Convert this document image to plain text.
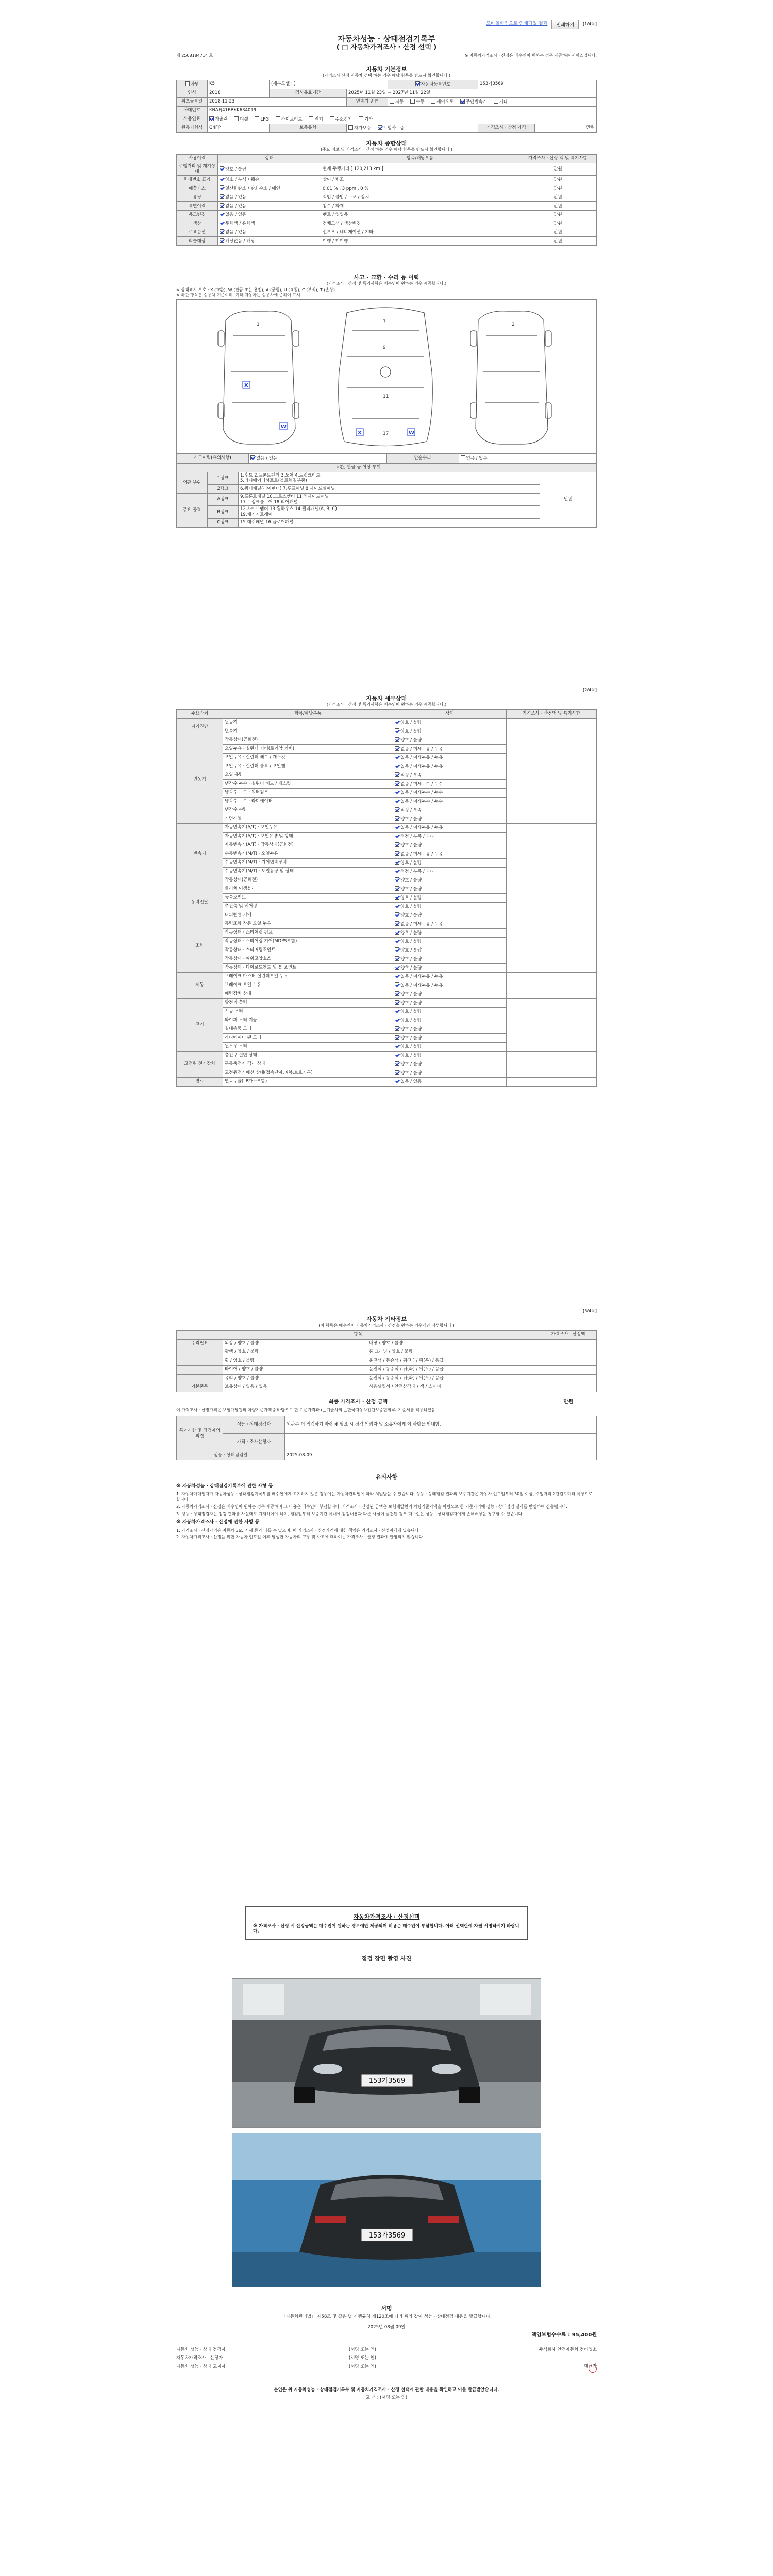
모바일화면으로 인쇄되었 결과	인쇄하기	[1/4쪽]
자동차성능 · 상태점검기록부
( □ 자동차가격조사 · 산정 선택 )
제 2508184714 호	※ 자동차가격조사 · 산정은 매수인이 원하는 경우 제공하는 서비스입니다.
자동차 기본정보
(가격조사·산정 자동차 선택 하는 경우 해당 항목을 반드시 확인합니다.)
차명	K5	(세부모델 : )		자동차등록번호	153가3569	
연식	2018	검사유효기간	2025년 11월 23일 ~ 2027년 11월 22일			
최초등록일	2018-11-23		변속기 종류	자동 수동 세미오토 무단변속기 기타		
차대번호	KNAFJ41BBKK634019					
사용연료	가솔린 디젤 LPG 하이브리드 전기 수소전기 기타					
원동기형식	G4FP	보증유형	자가보증 보험사보증		가격조사 · 산정 가격	만원
자동차 종합상태
(주요 정보 및 가격조사 · 산정 하는 경우 해당 항목을 반드시 확인합니다.)
사용이력	상태	항목/해당부품	가격조사 · 산정 액 및 특기사항
주행거리 및 계기상태	양호 / 불량	현재 주행거리 [ 120,213 km ]	만원
차대번호 표기	양호 / 부식 / 훼손	상이 / 변조	만원
배출가스	일산화탄소 / 탄화수소 / 매연	0.01 % , 3 ppm , 0 %	만원
튜닝	없음 / 있음	적법 / 불법 / 구조 / 장치	만원
특별이력	없음 / 있음	침수 / 화재	만원
용도변경	없음 / 있음	렌트 / 영업용	만원
색상	무채색 / 유채색	전체도색 / 색상변경	만원
주요옵션	없음 / 있음	선루프 / 네비게이션 / 기타	만원
리콜대상	해당없음 / 해당	이행 / 미이행	만원
사고 · 교환 · 수리 등 이력
(가격조사 · 산정 및 특기사항은 매수인이 원하는 경우 제공합니다.)
※ 상태표시 부호 : X (교환), W (판금 또는 용접), A (긁힘), U (요철), C (부식), T (손상)
※ 하단 항목은 승용차 기준이며, 기타 자동차는 승용차에 준하여 표시
1	7
9
11
17
2
X
W
X	W
사고이력(유의사항)	없음 / 있음	단순수리	없음 / 있음
교환, 판금 등 이상 부위			
외판 부위	1랭크	1.후드 2.프론트펜더 3.도어 4.트렁크리드
5.라디에이터서포트(볼트체결부품)	만원
	2랭크	6.쿼터패널(리어펜더) 7.루프패널 8.사이드실패널	
주요 골격	A랭크	9.프론트패널 10.크로스멤버 11.인사이드패널
17.트렁크플로어 18.리어패널	
	B랭크	12.사이드멤버 13.휠하우스 14.필러패널(A, B, C)
19.패키지트레이	
	C랭크	15.대쉬패널 16.플로어패널	
[2/4쪽]
자동차 세부상태
(가격조사 · 산정 및 특기사항은 매수인이 원하는 경우 제공합니다.)
주요장치	항목/해당부품	상태	가격조사 · 산정액 및 특기사항
자기진단	원동기	양호 / 불량	
	변속기	양호 / 불량	
원동기	작동상태(공회전)	양호 / 불량	
	오일누유 · 실린더 커버(로커암 커버)	없음 / 미세누유 / 누유	
	오일누유 · 실린더 헤드 / 개스킷	없음 / 미세누유 / 누유	
	오일누유 · 실린더 블록 / 오일팬	없음 / 미세누유 / 누유	
	오일 유량	적정 / 부족	
	냉각수 누수 · 실린더 헤드 / 개스킷	없음 / 미세누수 / 누수	
	냉각수 누수 · 워터펌프	없음 / 미세누수 / 누수	
	냉각수 누수 · 라디에이터	없음 / 미세누수 / 누수	
	냉각수 수량	적정 / 부족	
	커먼레일	양호 / 불량	
변속기	자동변속기(A/T) · 오일누유	없음 / 미세누유 / 누유	
	자동변속기(A/T) · 오일유량 및 상태	적정 / 부족 / 과다	
	자동변속기(A/T) · 작동상태(공회전)	양호 / 불량	
	수동변속기(M/T) · 오일누유	없음 / 미세누유 / 누유	
	수동변속기(M/T) · 기어변속장치	양호 / 불량	
	수동변속기(M/T) · 오일유량 및 상태	적정 / 부족 / 과다	
	작동상태(공회전)	양호 / 불량	
동력전달	클러치 어셈블리	양호 / 불량	
	등속조인트	양호 / 불량	
	추진축 및 베어링	양호 / 불량	
	디퍼렌셜 기어	양호 / 불량	
조향	동력조향 작동 오일 누유	없음 / 미세누유 / 누유	
	작동상태 · 스티어링 펌프	양호 / 불량	
	작동상태 · 스티어링 기어(MDPS포함)	양호 / 불량	
	작동상태 · 스티어링조인트	양호 / 불량	
	작동상태 · 파워고압호스	양호 / 불량	
	작동상태 · 타이로드엔드 및 볼 조인트	양호 / 불량	
제동	브레이크 마스터 실린더오일 누유	없음 / 미세누유 / 누유	
	브레이크 오일 누유	없음 / 미세누유 / 누유	
	배력장치 상태	양호 / 불량	
전기	발전기 출력	양호 / 불량	
	시동 모터	양호 / 불량	
	와이퍼 모터 기능	양호 / 불량	
	실내송풍 모터	양호 / 불량	
	라디에이터 팬 모터	양호 / 불량	
	윈도우 모터	양호 / 불량	
고전원 전기장치	충전구 절연 상태	양호 / 불량	
	구동축전지 격리 상태	양호 / 불량	
	고전원전기배선 상태(접속단자,피복,보호기구)	양호 / 불량	
연료	연료누출(LP가스포함)	없음 / 있음	
[3/4쪽]
자동차 기타정보
(이 항목은 매수인이 자동차가격조사 · 산정을 원하는 경우에만 작성합니다.)
항목			가격조사 · 산정액
수리필요	외장 / 양호 / 불량	내장 / 양호 / 불량	
	광택 / 양호 / 불량	룸 크리닝 / 양호 / 불량	
	휠 / 양호 / 불량	운전석 / 동승석 / 뒤(좌) / 뒤(우) / 응급	
	타이어 / 양호 / 불량	운전석 / 동승석 / 뒤(좌) / 뒤(우) / 응급	
	유리 / 양호 / 불량	운전석 / 동승석 / 뒤(좌) / 뒤(우) / 응급	
기본품목	보유상태 / 없음 / 있음	사용설명서 / 안전삼각대 / 잭 / 스패너	
최종 가격조사 · 산정 금액	만원
이 가격조사 · 산정가격은 보험개발원의 차량기준가액을 바탕으로 한 기준가격과 (□기술사회 □한국자동차진단보증협회)의 기준서를 적용하였음.
특기사항 및 점검자의 의견	성능 · 상태점검자	외관은 더 점검하기 바람 ※ 필요 시 점검 의뢰자 및 소유자에게 이 사항을 안내함.
	가격 · 조사산정자	
성능 · 상태점검일		2025-08-09
유의사항
※ 자동차성능 · 상태점검기록부에 관한 사항 등

1. 자동차매매업자가 자동차성능 · 상태점검기록부를 매수인에게 고지하지 않은 경우에는 자동차관리법에 따라 처벌받을 수 있습니다. 성능 · 상태점검 결과의 보증기간은 자동차 인도일부터 30일 이상, 주행거리 2천킬로미터 이상으로 합니다.

2. 자동차가격조사 · 산정은 매수인이 원하는 경우 제공하며 그 비용은 매수인이 부담합니다. 가격조사 · 산정된 금액은 보험개발원의 차량기준가액을 바탕으로 한 기준가격에 성능 · 상태점검 결과를 반영하여 산출됩니다.

3. 성능 · 상태점검자는 점검 결과를 사실대로 기재하여야 하며, 점검일부터 보증기간 이내에 점검내용과 다른 사실이 발견된 경우 매수인은 성능 · 상태점검자에게 손해배상을 청구할 수 있습니다.

※ 자동차가격조사 · 산정에 관한 사항 등

1. 가격조사 · 산정가격은 자동차 365 시세 등과 다를 수 있으며, 이 가격조사 · 산정가격에 대한 책임은 가격조사 · 산정자에게 있습니다.

2. 자동차가격조사 · 산정을 위한 자동차 인도일 이후 발생한 자동차의 고장 및 사고에 대하여는 가격조사 · 산정 결과에 반영되지 않습니다.

자동차가격조사 · 산정선택
※ 가격조사 · 산정 시 산정금액은 매수인이 원하는 경우에만 제공되며 비용은 매수인이 부담합니다. 아래 선택란에 자필 서명하시기 바랍니다.
점검 장면 촬영 사진
153가3569
153가3569
서명
「자동차관리법」 제58조 및 같은 법 시행규칙 제120조에 따라 위와 같이 성능 · 상태점검 내용을 발급합니다.
2025년 08월 09일
책임보험수수료 : 95,400원
자동차 성능 · 상태 점검자	(서명 또는 인)
자동차가격조사 · 산정자	(서명 또는 인)
자동차 성능 · 상태 고지자	(서명 또는 인)
주식회사 안전자동차 정비업소
대표자
본인은 위 자동차성능 · 상태점검기록부 및 자동차가격조사 · 산정 선택에 관한 내용을 확인하고 이를 발급받았습니다.
고 객 : (서명 또는 인)
